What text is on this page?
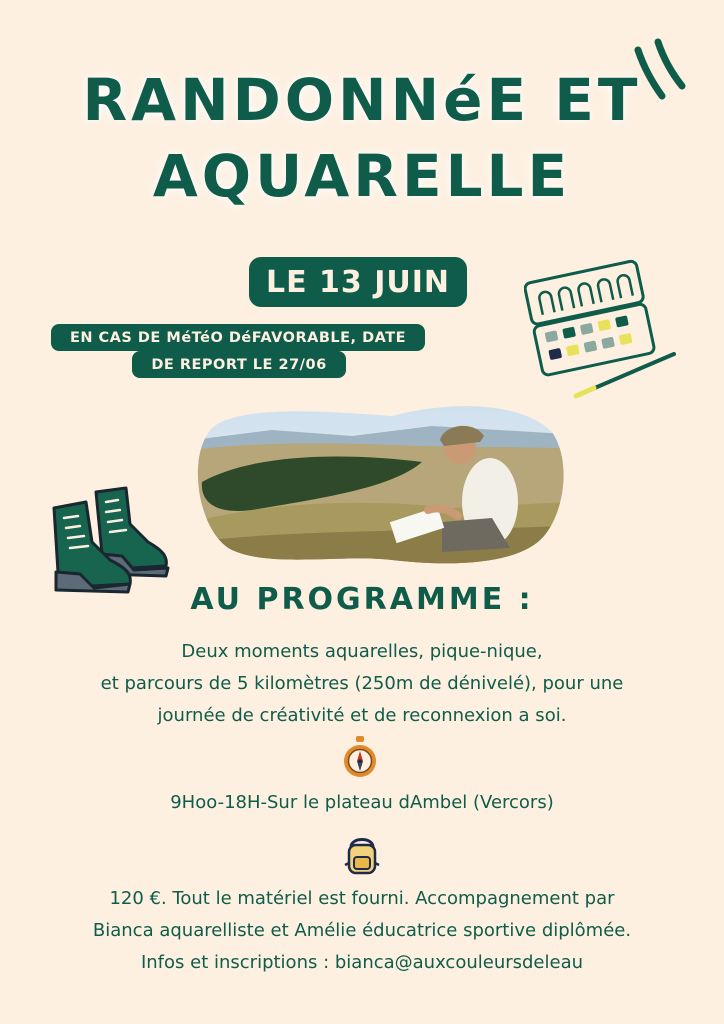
RANDONNéE ET
AQUARELLE
LE 13 JUIN
EN CAS DE MéTéO DéFAVORABLE, DATE
DE REPORT LE 27/06
AU PROGRAMME :
Deux moments aquarelles, pique-nique,
et parcours de 5 kilomètres (250m de dénivelé), pour une
journée de créativité et de reconnexion a soi.
9Hoo-18H-Sur le plateau dAmbel (Vercors)
120 €. Tout le matériel est fourni. Accompagnement par
Bianca aquarelliste et Amélie éducatrice sportive diplômée.
Infos et inscriptions : bianca@auxcouleursdeleau
